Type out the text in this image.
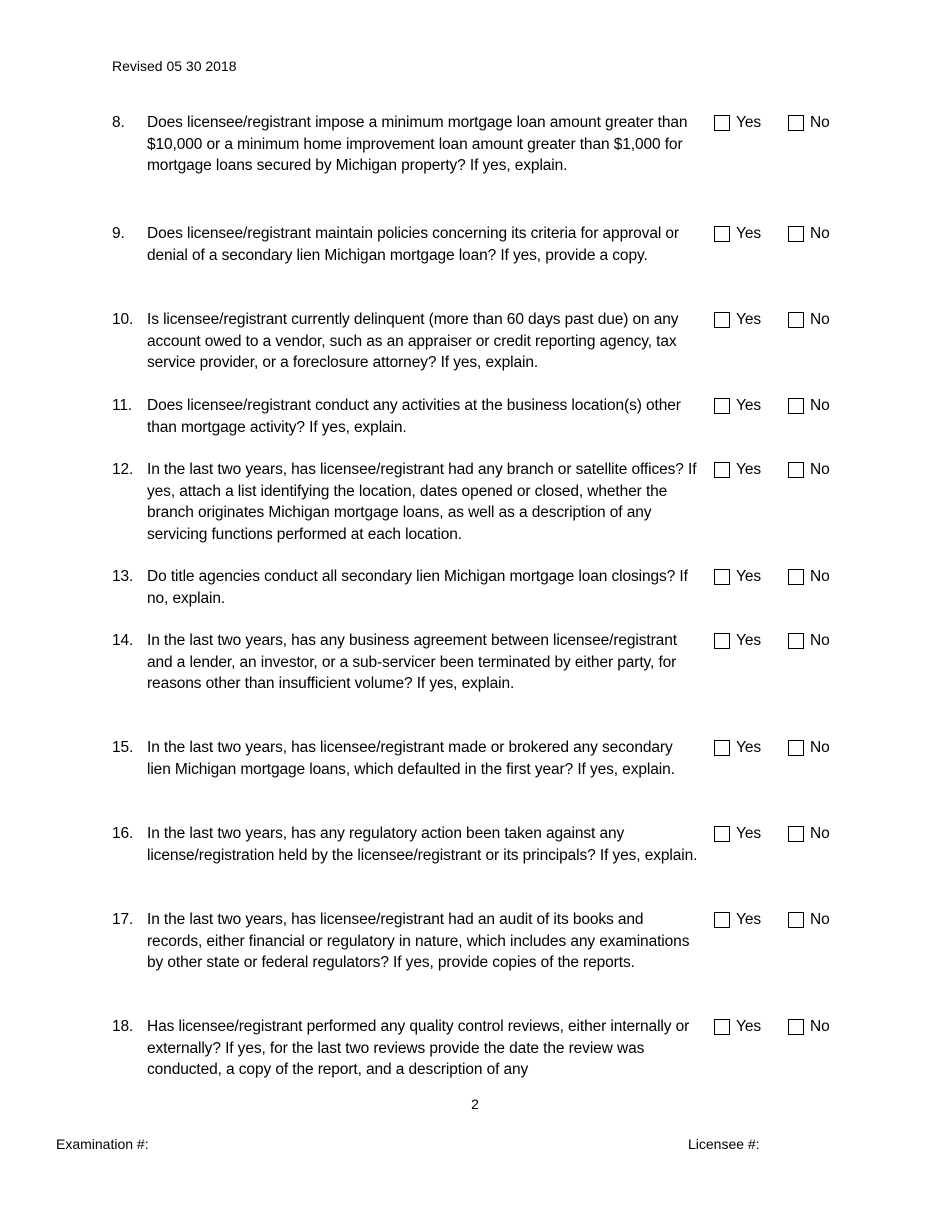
Revised 05 30 2018
8.	Does licensee/registrant impose a minimum mortgage loan amount greater than $10,000 or a minimum home improvement loan amount greater than $1,000 for mortgage loans secured by Michigan property? If yes, explain.
Yes	No
9.	Does licensee/registrant maintain policies concerning its criteria for approval or denial of a secondary lien Michigan mortgage loan? If yes, provide a copy.
Yes	No
10. Is licensee/registrant currently delinquent (more than 60 days past due) on any account owed to a vendor, such as an appraiser or credit reporting agency, tax service provider, or a foreclosure attorney? If yes, explain.
Yes	No
11. Does licensee/registrant conduct any activities at the business location(s) other than mortgage activity? If yes, explain.
Yes	No
12. In the last two years, has licensee/registrant had any branch or satellite offices? If yes, attach a list identifying the location, dates opened or closed, whether the branch originates Michigan mortgage loans, as well as a description of any servicing functions performed at each location.
Yes	No
13. Do title agencies conduct all secondary lien Michigan mortgage loan closings? If no, explain.
Yes	No
14. In the last two years, has any business agreement between licensee/registrant and a lender, an investor, or a sub-servicer been terminated by either party, for reasons other than insufficient volume? If yes, explain.
Yes	No
15. In the last two years, has licensee/registrant made or brokered any secondary lien Michigan mortgage loans, which defaulted in the first year? If yes, explain.
Yes	No
16. In the last two years, has any regulatory action been taken against any license/registration held by the licensee/registrant or its principals? If yes, explain.
Yes	No
17. In the last two years, has licensee/registrant had an audit of its books and records, either financial or regulatory in nature, which includes any examinations by other state or federal regulators? If yes, provide copies of the reports.
Yes	No
18. Has licensee/registrant performed any quality control reviews, either internally or externally? If yes, for the last two reviews provide the date the review was conducted, a copy of the report, and a description of any
Yes	No
2
Examination #:	Licensee #:
